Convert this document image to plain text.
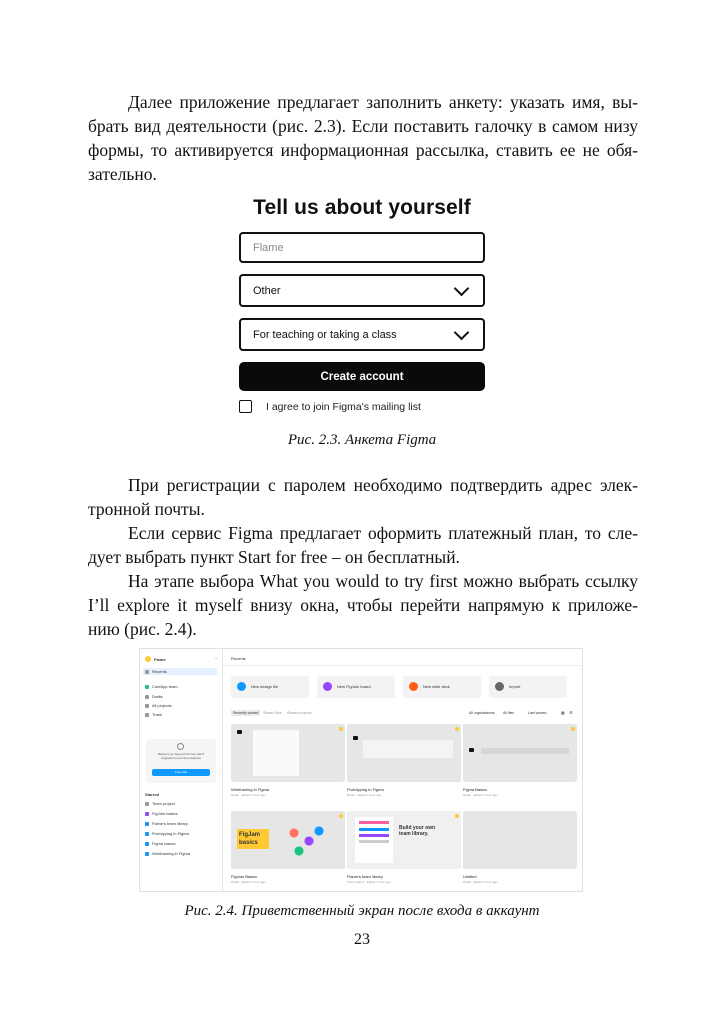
Далее приложение предлагает заполнить анкету: указать имя, вы-
брать вид деятельности (рис. 2.3). Если поставить галочку в самом низу
формы, то активируется информационная рассылка, ставить ее не обя-
зательно.
Tell us about yourself
Flame
Other
For teaching or taking a class
Create account
I agree to join Figma's mailing list
Рис. 2.3. Анкета Figma
При регистрации с паролем необходимо подтвердить адрес элек-
тронной почты.
Если сервис Figma предлагает оформить платежный план, то сле-
дует выбрать пункт Start for free – он бесплатный.
На этапе выбора What you would to try first можно выбрать ссылку
I’ll explore it myself внизу окна, чтобы перейти напрямую к приложе-
нию (рис. 2.4).
Flame	◦
Recents
ConfApp team
Drafts
All projects
Trash
Ready to go beyond this free plan? Upgrade for premium features
Free trial
Starred
Team project
FigJam basics
Flame's team library
Prototyping in Figma
Figma basics
Wireframing in Figma
Recents
New design file	New FigJam board	New slide deck	Import
Recently viewed	Shared files Shared projects	All organizations All files	Last viewed	▦ ☰
Wireframing in Figma
Drafts · Edited 1 hour ago
Prototyping in Figma
Drafts · Edited 1 hour ago
Figma Basics
Drafts · Edited 1 hour ago
FigJam
basics
FigJam Basics
Drafts · Edited 1 hour ago
Build your own team library.
Flame's team library
Team project · Edited 1 hour ago
Untitled
Drafts · Edited 1 hour ago
Рис. 2.4. Приветственный экран после входа в аккаунт
23
